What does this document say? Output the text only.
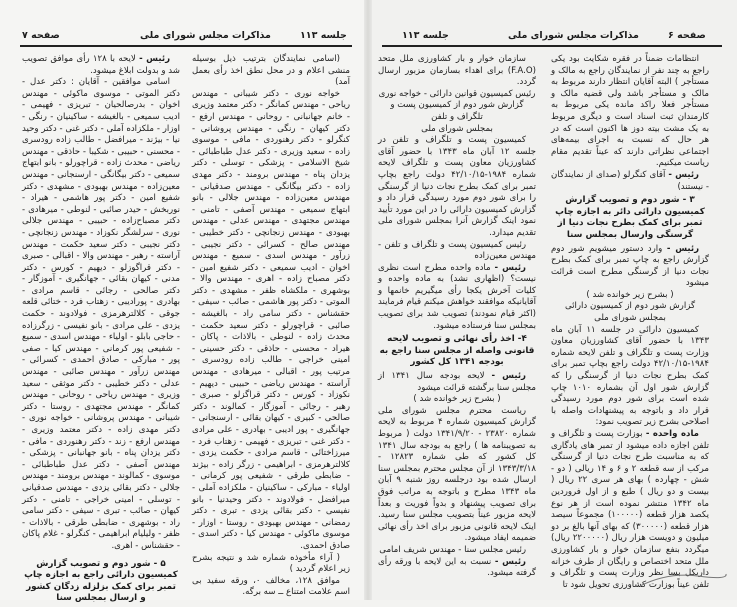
صفحه ۷	مذاکرات مجلس شورای ملی	جلسه ۱۱۳

(اسامی نمایندگان بترتیب ذیل بوسیله منشی اعلام و در محل نطق اخذ رأی بعمل آمد)

خواجه نوری - دکتر شیبانی - مهندس ریاحی - مهندس کمانگر - دکتر معتمد وزیری - خانم جهانبانی - روحانی - مهندس ارفع - دکتر کیهان - رنگی - مهندس پروشانی - کنگرلو - دکتر رهنوردی - مافی - موسوی زاده - سعید وزیری - دکتر عدل طباطبائی - شیخ الاسلامی - پزشکی - توسلی - دکتر یزدان پناه - مهندس برومند - دکتر مهدی زاده - دکتر بیگانگی - مهندس صدقیانی - مهندس معین‌زاده - مهندس جلالی - بانو ابتهاج سمیعی - مهندس آصفی - تامنی - مهندس مجتهدی - مهندس عدلی - مهندس بهبودی - مهندس زنجانچی - دکتر خطیبی - مهندس صالح - کسرائی - دکتر نجیبی - زرآور - مهندس اسدی - سمیع - مهندس اخوان - ادیب سمیعی - دکتر شفیع امین - دکتر مصباح زاده - اهری - مهندس والا - بوشهری - ملکشاه ظفر - مشهدی - دکتر الموتی - دکتر پور هاشمی - صائب - سیفی - حقشناس - دکتر سامی راد - بالغیشه - صائبی - قراچورلو - دکتر سعید حکمت - محدث زاده - لنوطی - بالاذات - پاکان - هیراد - محسنی - حاذقی - دکتر حسینی - امینی خراجی - طالب زاده رودسری - مرتیب پور - اقبالی - میرهادی - مهندس آراسته - مهندس ریاضی - حبیبی - دیهیم - نکوزاد - کورس - دکتر قراگزلو - صبری - رهبر - رجائی - آموزگار - کمالوند - دکتر صالحی - کبیری - کیهان بقائی - ارسنجانی - جهانگیری - پور ادیبی - بهادری - علی مرادی - دکتر غنی - تبریزی - فهیمی - زهتاب فرد - میرزاختائی - قاسم مرادی - حکمت یزدی - کلالترهرمزی - ابراهیمی - زرگر زاده - بیژند - ضابطی طرقی - شفیعی پور کرمانی - اولیاء - مبارکی - ساکینیان - ملکزاده آملی - میرافضل - فولادوند - دکتر وحیدنیا - بانو نفیسی - دکتر بقائی یزدی - تبری - دکتر رمضانی - مهندس بهبودی - روستا - اوزار - موسوی ماکوئی - مهندس کیا - دکتر اسدی - صادق احمدی.

( آراء مأخوذه شماره شد و نتیجه بشرح زیر اعلام گردید )

موافق ۱۲۸، مخالف ۰، ورقه سفید بی اسم علامت امتناع ــ سه برگه.

رئیس - لایحه با ۱۲۸ رأی موافق تصویب شد و بدولت ابلاغ میشود.

اسامی موافقین - آقایان : دکتر عدل - دکتر الموتی - موسوی ماکوئی - مهندس اخوان - بدرصالحیان - تبریزی - فهیمی - ادیب سمیعی - بالغیشه - ساکینیان - رنگی - اوزار - ملکزاده آملی - دکتر غنی - دکتر وحید نیا - بیژند - میرافضل - طالب زاده رودسری - محسنی - حبیبی - شکیبا - حاذقی - مهندس ریاضی - محدث زاده - قراچورلو - بانو ابتهاج سمیعی - دکتر بیگانگی - ارسنجانی - مهندس معین‌زاده - مهندس بهبودی - مشهدی - دکتر شفیع امین - دکتر پور هاشمی - هیراد - نوربخش - حیدر صائبی - لنوطی - میرهادی - دکتر مصباح‌زاده - حبیبی - مهندس جلالی نوری - سرلشگر نکوزاد - مهندس زنجانچی - دکتر نجیبی - دکتر سعید حکمت - مهندس آراسته - رهبر - مهندس والا - اقبالی - صبری - دکتر قراگوزلو - دیهیم - کورس - دکتر مدنی - کیهان بقائی - جهانگیری - آموزگار - دکتر صالحی - رجائی - قاسم مرادی - بهادری - پورادیبی - زهتاب فرد - ختائی قلعه جوقی - کلالترهرمزی - فولادوند - حکمت یزدی - علی مرادی - بانو نفیسی - زرگرزاده - حاجی بابلو - اولیاء - مهندس اسدی - سمیع - شفیعی پور کرمانی - مهندس کیا - صفی پور - مبارکی - صادق احمدی - کسرائی - مهندس زرآور - مهندس صائبی - مهندس عدلی - دکتر خطیبی - دکتر موثقی - سعید وزیری - مهندس ریاحی - روحانی - مهندس کمانگر - مهندس مجتهدی - روستا - دکتر شیبانی - مهندس پروشانی - خواجه نوری - دکتر مهدی زاده - دکتر معتمد وزیری - مهندس ارفع - زند - دکتر رهنوردی - مافی - دکتر یزدان پناه - بانو جهانبانی - پزشکی - مهندس آصفی - دکتر عدل طباطبائی - موسوی - کمالوند - مهندس برومند - مهندس جلالی - دکتر بقائی یزدی - مهندس صدقیانی - توسلی - امینی خراجی - تامنی - دکتر کیهان - صائب - تبری - سیفی - دکتر سامی راد - بوشهری - ضابطی طرقی - بالاذات - ظفر - ولیلیام ابراهیمی - کنگرلو - غلام پاکان - حقشناس - اهری.

۵ - شور دوم و تصویب گزارش کمیسیون دارائی راجع به اجازه چاپ تمبر برای کمک بزلزله زدگان کشور و ارسال بمجلس سنا

جلسه ۱۱۳	مذاکرات مجلس شورای ملی	صفحه ۶

سازمان خوار و بار کشاورزی ملل متحد (F.A.O) برای اهداء بسازمان مزبور ارسال گردد.

رئیس کمیسیون قوانین دارائی - خواجه نوری

گزارش شور دوم از کمیسیون پست و تلگراف و تلفن

بمجلس شورای ملی

کمیسیون پست و تلگراف و تلفن در جلسه ۱۲ آبان ماه ۱۳۴۳ با حضور آقای کشاورزیان معاون پست و تلگراف لایحه شماره ۱۹۸۴-۴۲/۱۰/۱۵ دولت راجع بچاپ تمبر برای کمک بطرح نجات دنیا از گرسنگی را برای شور دوم مورد رسیدگی قرار داد و گزارش کمیسیون دارائی را در این مورد تأیید نمود اینک گزارش آنرا بمجلس شورای ملی تقدیم میدارد.

رئیس کمیسیون پست و تلگراف و تلفن - مهندس معین‌زاده

رئیس - ماده واحده مطرح است نظری نیست؟ (اظهاری نشد) به ماده واحده و کلیات آخرش یکجا رأی میگیریم خانمها و آقایانیکه موافقند خواهش میکنم قیام فرمایند (اکثر قیام نمودند) تصویب شد برای تصویب بمجلس سنا فرستاده میشود.

۴- اخذ رأی نهائی و تصویب لایحه قانونی واصله از مجلس سنا راجع به بودجه ۱۳۴۱ کل کشور

رئیس - لایحه بودجه سال ۱۳۴۱ از مجلس سنا برگشته قرائت میشود

( بشرح زیر خوانده شد )

ریاست محترم مجلس شورای ملی گزارش کمیسیون شماره ۴ مربوط به لایحه شماره ۲۳۸۲۰ - ۱۳۴۱/۹/۲۰ دولت ( مربوط به تصویبنامه ها ) راجع به بودجه سال ۱۳۴۱ کل کشور که طی شماره ۱۲۸۲۳ - ۱۳۴۳/۳/۱۸ از آن مجلس محترم بمجلس سنا ارسال شده بود درجلسه روز شنبه ۹ آبان ماه ۱۳۴۳ مطرح و باتوجه به مراتب فوق برای تصویب پیشنهاد و بدواً فوریت و بعداً لایحه مزبور عیناً بتصویب مجلس سنا رسید. اینک لایحه قانونی مزبور برای اخذ رأی نهائی ضمیمه ایفاد میشود.

رئیس مجلس سنا - مهندس شریف امامی

رئیس - نسبت به این لایحه با ورقه رأی گرفته میشود.

انتظامات ضمناً در فقره شکایت بود یکی راجع به چند نفر از نمایندگان راجع به مالک و مستأجر ) البته آقایان انتظار دارند مربوط به مالک و مستأجر باشد ولی قضیه مالک و مستأجر فعلا راکد مانده یکی مربوط به کارمندان ثبت اسناد است و دیگری مربوط به یک مشت بیته دوز ها اکنون است که در هر حال که نسبت به اجرای بیمه‌های اجتماعی نظراتی دارند که عیناً تقدیم مقام ریاست میکنیم.

رئیس - آقای کنگرلو (صدای از نمایندگان - نیستند)

۳ - شور دوم و تصویب گزارش کمیسیون دارائی دائر به اجازه چاپ تمبر برای کمک بطرح نجات دنیا از گرسنگی وارسال بمجلس سنا

رئیس - وارد دستور میشویم شور دوم گزارش راجع به چاپ تمبر برای کمک بطرح نجات دنیا از گرسنگی مطرح است قرائت میشود

( بشرح زیر خوانده شد )

گزارش شور دوم از کمیسیون دارائی

بمجلس شورای ملی

کمیسیون دارائی در جلسه ۱۱ آبان ماه ۱۳۴۳ با حضور آقای کشاورزیان معاون وزارت پست و تلگراف و تلفن لایحه شماره ۱۹۸۴-۴۲/۱۰/۱۵ دولت راجع بچاپ تمبر برای کمک بطرح نجات دنیا از گرسنگی را که گزارش شور اول آن بشماره ۱۰۱۰ چاپ شده است برای شور دوم مورد رسیدگی قرار داد و باتوجه به پیشنهادات واصله با اصلاحی بشرح زیر تصویب نمود:

ماده واحده - بوزارت پست و تلگراف و تلفن اجازه داده میشود از تمبر های یادگاری که به مناسبت طرح نجات دنیا از گرسنگی مرکب از سه قطعه ۲ و ۶ و ۱۴ ریالی ( دو - شش - چهارده ) بهای هر سری ۲۲ ریال ( بیست و دو ریال ) طبع و از اول فروردین ماه ۱۳۴۲ منتشر نموده است از هر نوع یکصد هزار قطعه (۱۰۰۰۰۰) مجموعاً سیصد هزار قطعه (۳۰۰۰۰۰) که بهای آنها بالغ بر دو میلیون و دویست هزار ریال (۲۲۰۰۰۰۰ ریال) میگردد بنفع سازمان خوار و بار کشاورزی ملل متحد اختصاص و رایگان از طرف خزانه داریکل بسا نظر وزارت پست و تلگراف و تلفن عیناً بوزارت کشاورزی تحویل شود تا
